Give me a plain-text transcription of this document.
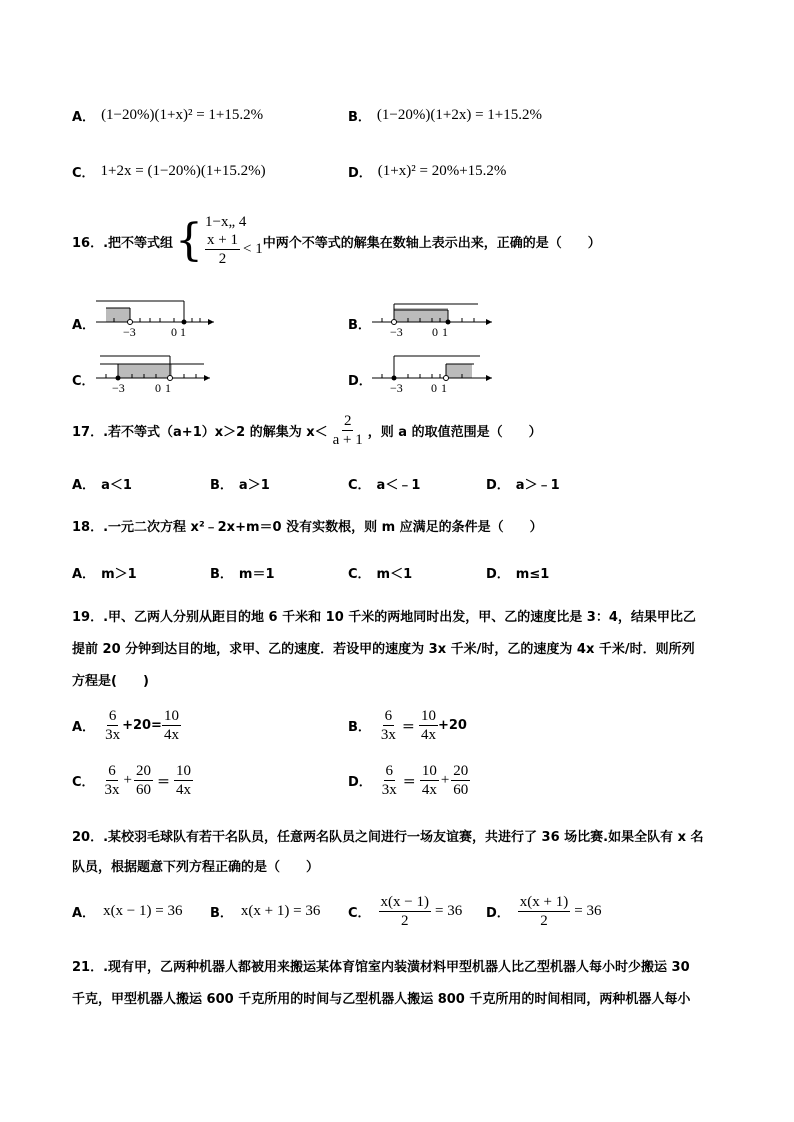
A． (1−20%)(1+x)² = 1+15.2%	B． (1−20%)(1+2x) = 1+15.2%
C． 1+2x = (1−20%)(1+15.2%)	D． (1+x)² = 20%+15.2%
16． .把不等式组 { 1−x„ 4
$\frac{x + 1}{2} < 1$ 中两个不等式的解集在数轴上表示出来，正确的是（　　）
A． −3	0 1	B． −3 0 1
C． −3	0 1	D． −3 0 1
17． .若不等式（a+1）x＞2 的解集为 $x< \frac{2}{a + 1}$ ，则 a 的取值范围是（　　）
A． a＜1	B． a＞1	C． a＜﹣1	D． a＞﹣1
18．.一元二次方程 x²﹣2x+m＝0 没有实数根，则 m 应满足的条件是（　　）
A． m＞1	B． m＝1	C． m＜1	D． m≤1
19．.甲、乙两人分别从距目的地 6 千米和 10 千米的两地同时出发，甲、乙的速度比是 3：4，结果甲比乙
提前 20 分钟到达目的地，求甲、乙的速度．若设甲的速度为 3x 千米/时，乙的速度为 4x 千米/时．则所列
方程是(　　)
A． $\frac{6}{3x} +20 = \frac{10}{4x}$	B． $\frac{6}{3x} = \frac{10}{4x} +20$
C． $\frac{6}{3x} + \frac{20}{60} = \frac{10}{4x}$	D． $\frac{6}{3x} = \frac{10}{4x} + \frac{20}{60}$
20．.某校羽毛球队有若干名队员，任意两名队员之间进行一场友谊赛，共进行了 36 场比赛.如果全队有 x 名
队员，根据题意下列方程正确的是（　　）
A． x(x − 1) = 36 B． x(x + 1) = 36 C． $\frac{x(x - 1)}{2} = 36$ D． $\frac{x(x + 1)}{2} = 36$
21．.现有甲，乙两种机器人都被用来搬运某体育馆室内装潢材料甲型机器人比乙型机器人每小时少搬运 30
千克，甲型机器人搬运 600 千克所用的时间与乙型机器人搬运 800 千克所用的时间相同，两种机器人每小
